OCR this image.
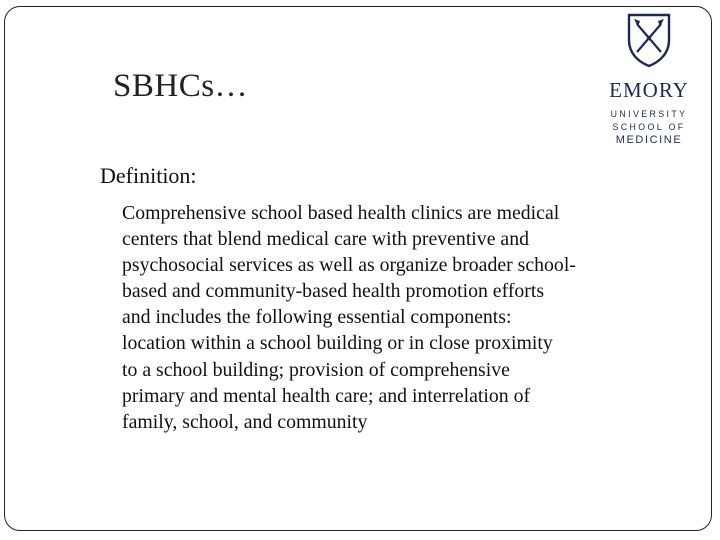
SBHCs…	EMORY
UNIVERSITY
SCHOOL OF
MEDICINE
Definition:
Comprehensive school based health clinics are medical
centers that blend medical care with preventive and
psychosocial services as well as organize broader school-
based and community-based health promotion efforts
and includes the following essential components:
location within a school building or in close proximity
to a school building; provision of comprehensive
primary and mental health care; and interrelation of
family, school, and community
